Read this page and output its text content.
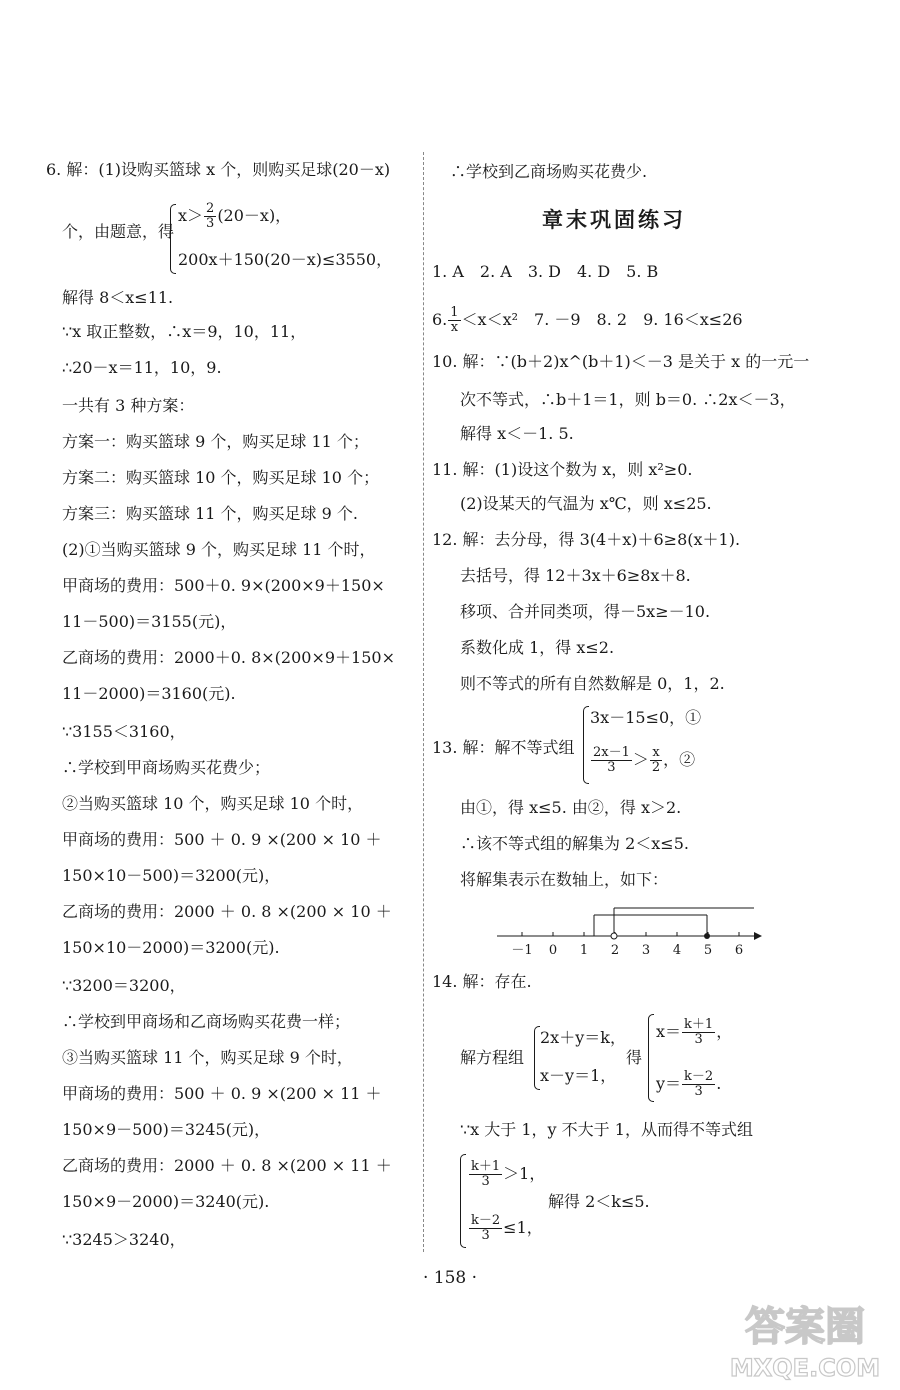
6. 解：(1)设购买篮球 x 个，则购买足球(20－x)
个，由题意，得
$x> \frac{2}{3} (20-x)$，
200x＋150(20－x)≤3550，
解得 8＜x≤11.
∵x 取正整数，∴x＝9，10，11，
∴20－x＝11，10，9.
一共有 3 种方案：
方案一：购买篮球 9 个，购买足球 11 个；
方案二：购买篮球 10 个，购买足球 10 个；
方案三：购买篮球 11 个，购买足球 9 个.
(2)①当购买篮球 9 个，购买足球 11 个时，
甲商场的费用：500＋0. 9×(200×9＋150×
11－500)＝3155(元)，
乙商场的费用：2000＋0. 8×(200×9＋150×
11－2000)＝3160(元).
∵3155＜3160，
∴学校到甲商场购买花费少；
②当购买篮球 10 个，购买足球 10 个时，
甲商场的费用：500 ＋ 0. 9 ×(200 × 10 ＋
150×10－500)＝3200(元)，
乙商场的费用：2000 ＋ 0. 8 ×(200 × 10 ＋
150×10－2000)＝3200(元).
∵3200＝3200，
∴学校到甲商场和乙商场购买花费一样；
③当购买篮球 11 个，购买足球 9 个时，
甲商场的费用：500 ＋ 0. 9 ×(200 × 11 ＋
150×9－500)＝3245(元)，
乙商场的费用：2000 ＋ 0. 8 ×(200 × 11 ＋
150×9－2000)＝3240(元).
∵3245＞3240，
∴学校到乙商场购买花费少.
章末巩固练习
1. A　2. A　3. D　4. D　5. B
6. $\frac{1}{x} <x<x^2$　7. －9　8. 2　9. 16＜x≤26
10. 解：∵(b＋2)x^(b＋1)＜－3 是关于 x 的一元一
次不等式，∴b＋1＝1，则 b＝0. ∴2x＜－3，
解得 x＜－1. 5.
11. 解：(1)设这个数为 x，则 x²≥0.
(2)设某天的气温为 x℃，则 x≤25.
12. 解：去分母，得 3(4＋x)＋6≥8(x＋1).
去括号，得 12＋3x＋6≥8x＋8.
移项、合并同类项，得－5x≥－10.
系数化成 1，得 x≤2.
则不等式的所有自然数解是 0，1，2.
13. 解：解不等式组
3x－15≤0，①
$\frac{2x-1}{3} > \frac{x}{2}$ ，②
由①，得 x≤5. 由②，得 x＞2.
∴该不等式组的解集为 2＜x≤5.
将解集表示在数轴上，如下：
－1 0 1 2 3 4 5 6
14. 解：存在.
解方程组
2x＋y＝k，
x－y＝1，
得
$x= \frac{k+1}{3}$ ，
$y= \frac{k-2}{3}$ .
∵x 大于 1，y 不大于 1，从而得不等式组
$\frac{k+1}{3} >1$，
$\frac{k-2}{3} \le 1$，
解得 2＜k≤5.
· 158 ·
答案圈
MXQE.COM
